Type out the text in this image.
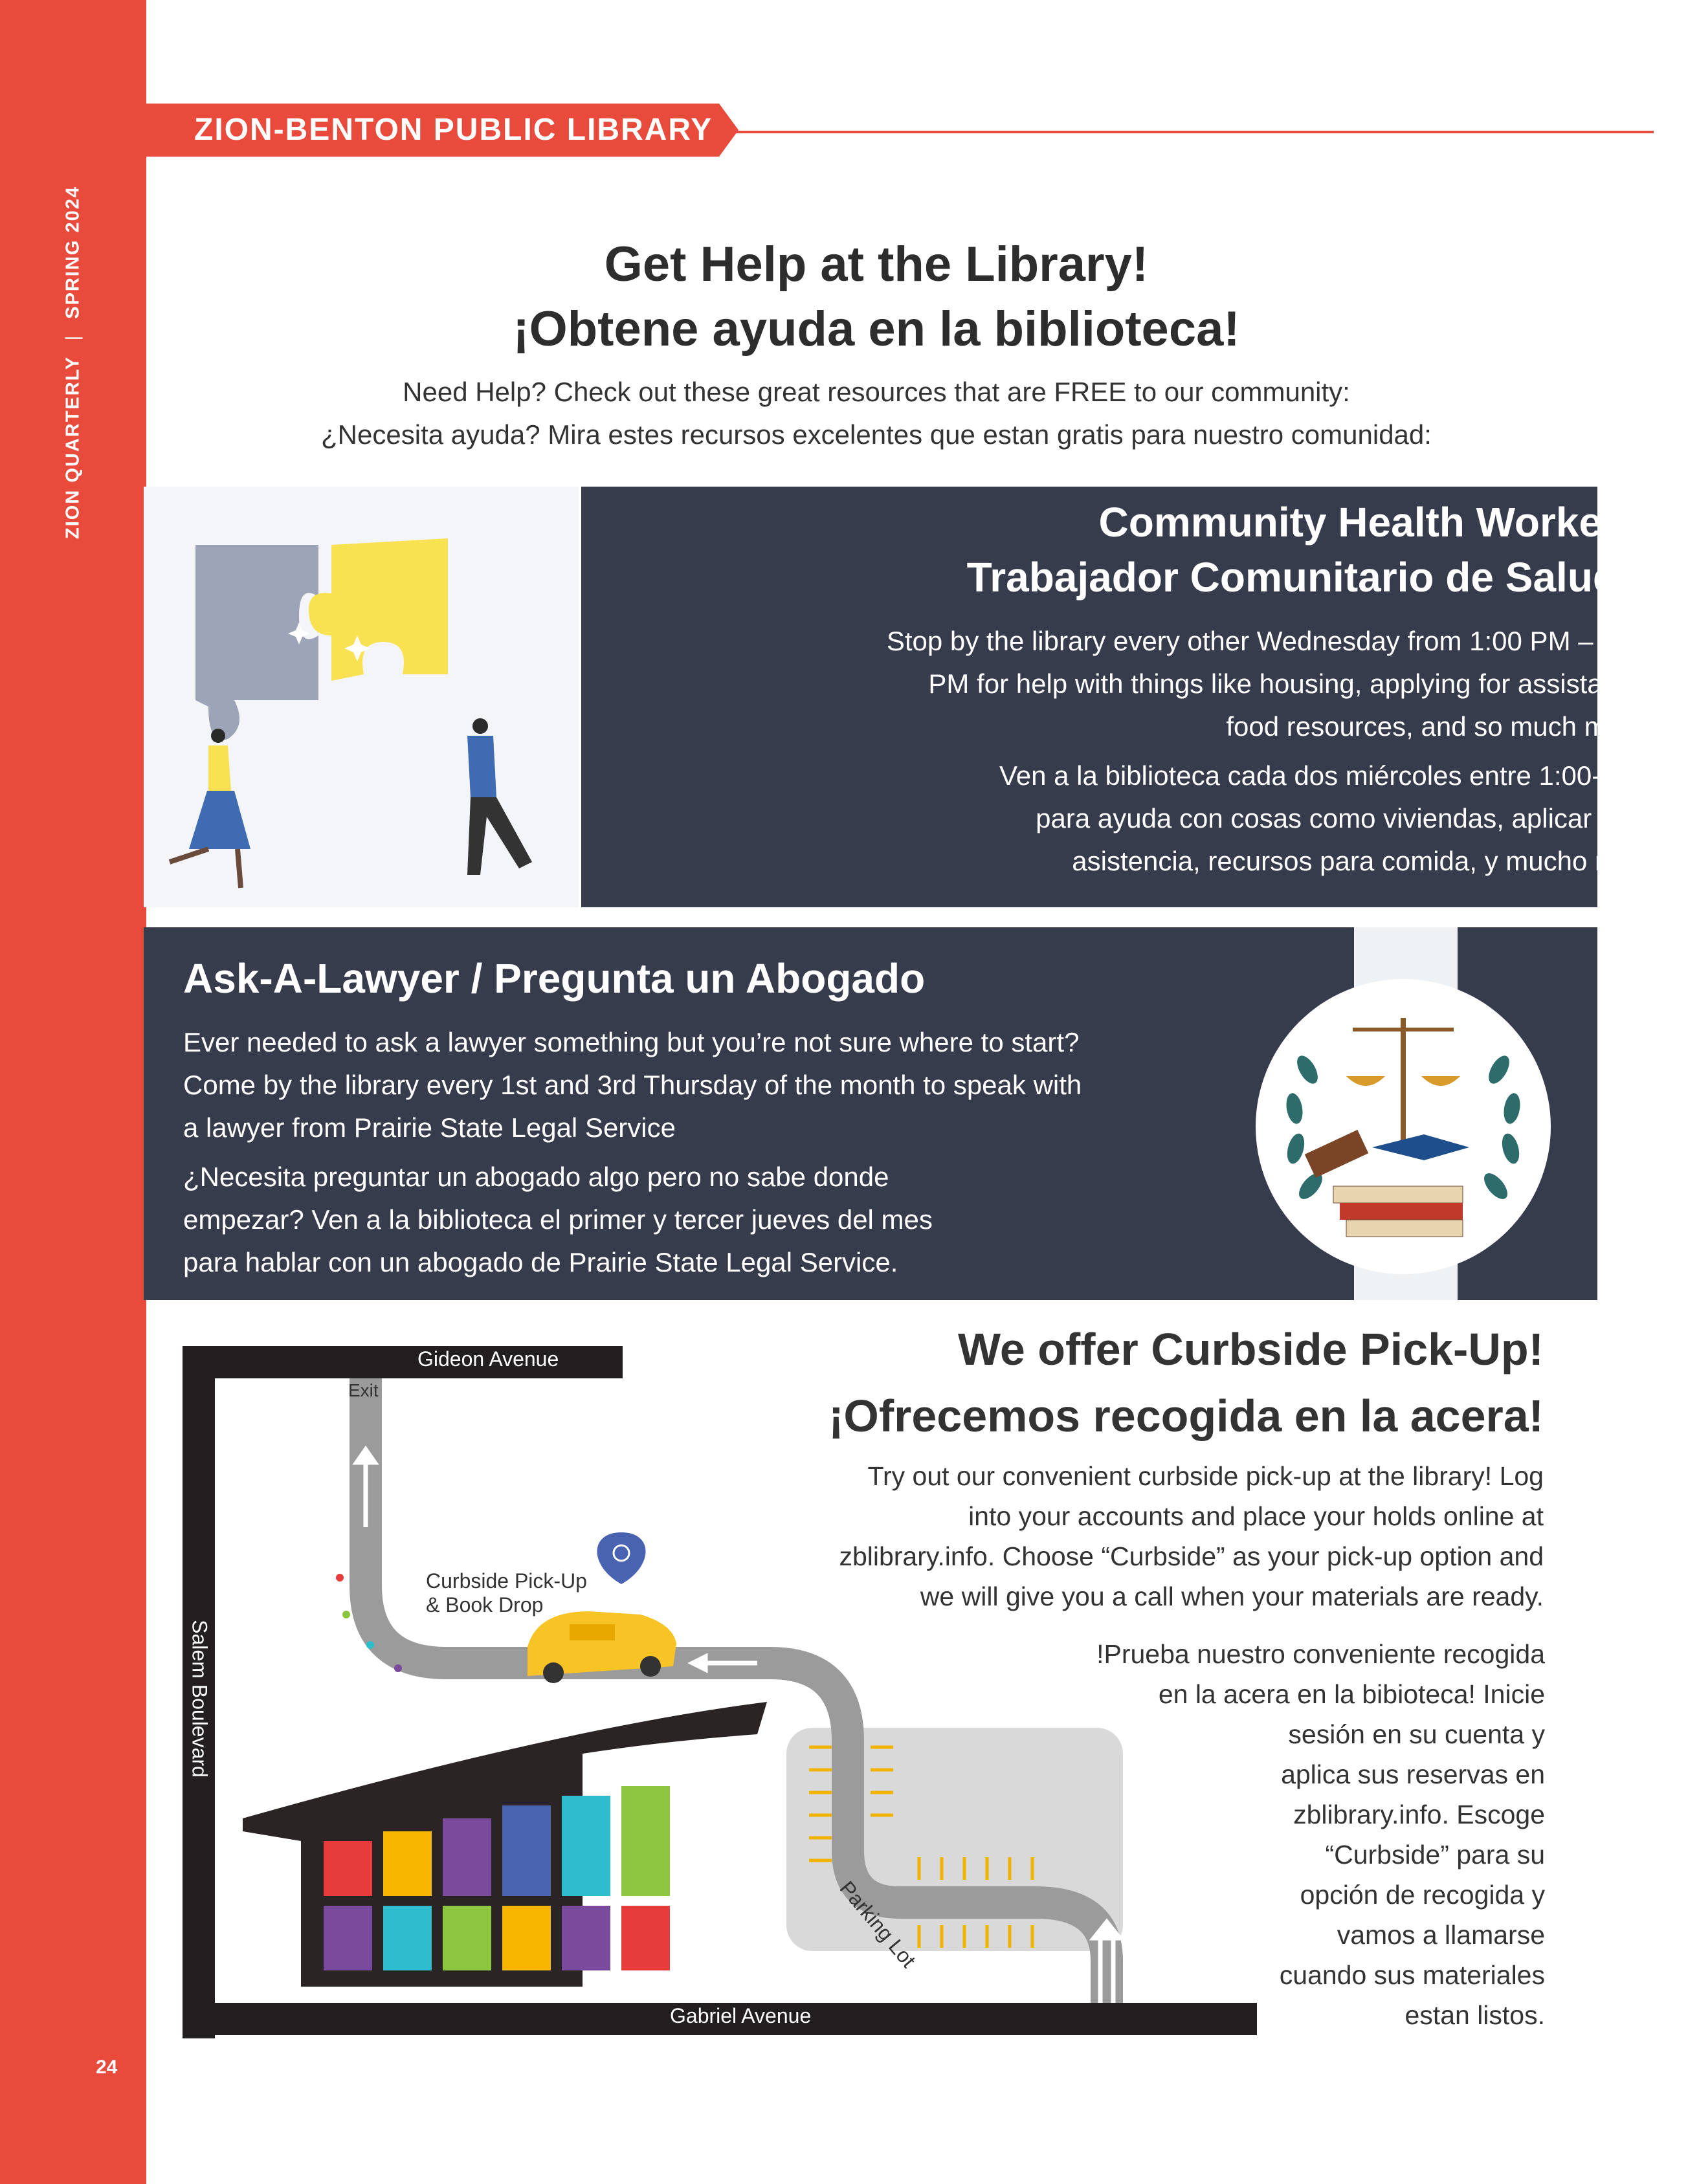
ZION QUARTERLY | SPRING 2024
24
ZION-BENTON PUBLIC LIBRARY
Get Help at the Library!
¡Obtene ayuda en la biblioteca!
Need Help? Check out these great resources that are FREE to our community:
¿Necesita ayuda? Mira estes recursos excelentes que estan gratis para nuestro comunidad:
Community Health Worker
Trabajador Comunitario de Salud
Stop by the library every other Wednesday from 1:00 PM – 3:00
PM for help with things like housing, applying for assistance,
food resources, and so much more!
Ven a la biblioteca cada dos miércoles entre 1:00-3:00
para ayuda con cosas como viviendas, aplicar para
asistencia, recursos para comida, y mucho mas!
Ask-A-Lawyer / Pregunta un Abogado
Ever needed to ask a lawyer something but you’re not sure where to start?
Come by the library every 1st and 3rd Thursday of the month to speak with
a lawyer from Prairie State Legal Service
¿Necesita preguntar un abogado algo pero no sabe donde
empezar? Ven a la biblioteca el primer y tercer jueves del mes
para hablar con un abogado de Prairie State Legal Service.
Gideon Avenue
Gabriel Avenue
Salem Boulevard
Exit
Curbside Pick-Up
& Book Drop
Parking Lot
We offer Curbside Pick-Up!
¡Ofrecemos recogida en la acera!
Try out our convenient curbside pick-up at the library! Log
into your accounts and place your holds online at
zblibrary.info. Choose “Curbside” as your pick-up option and
we will give you a call when your materials are ready.
!Prueba nuestro conveniente recogida
en la acera en la bibioteca! Inicie
sesión en su cuenta y
aplica sus reservas en
zblibrary.info. Escoge
“Curbside” para su
opción de recogida y
vamos a llamarse
cuando sus materiales
estan listos.
